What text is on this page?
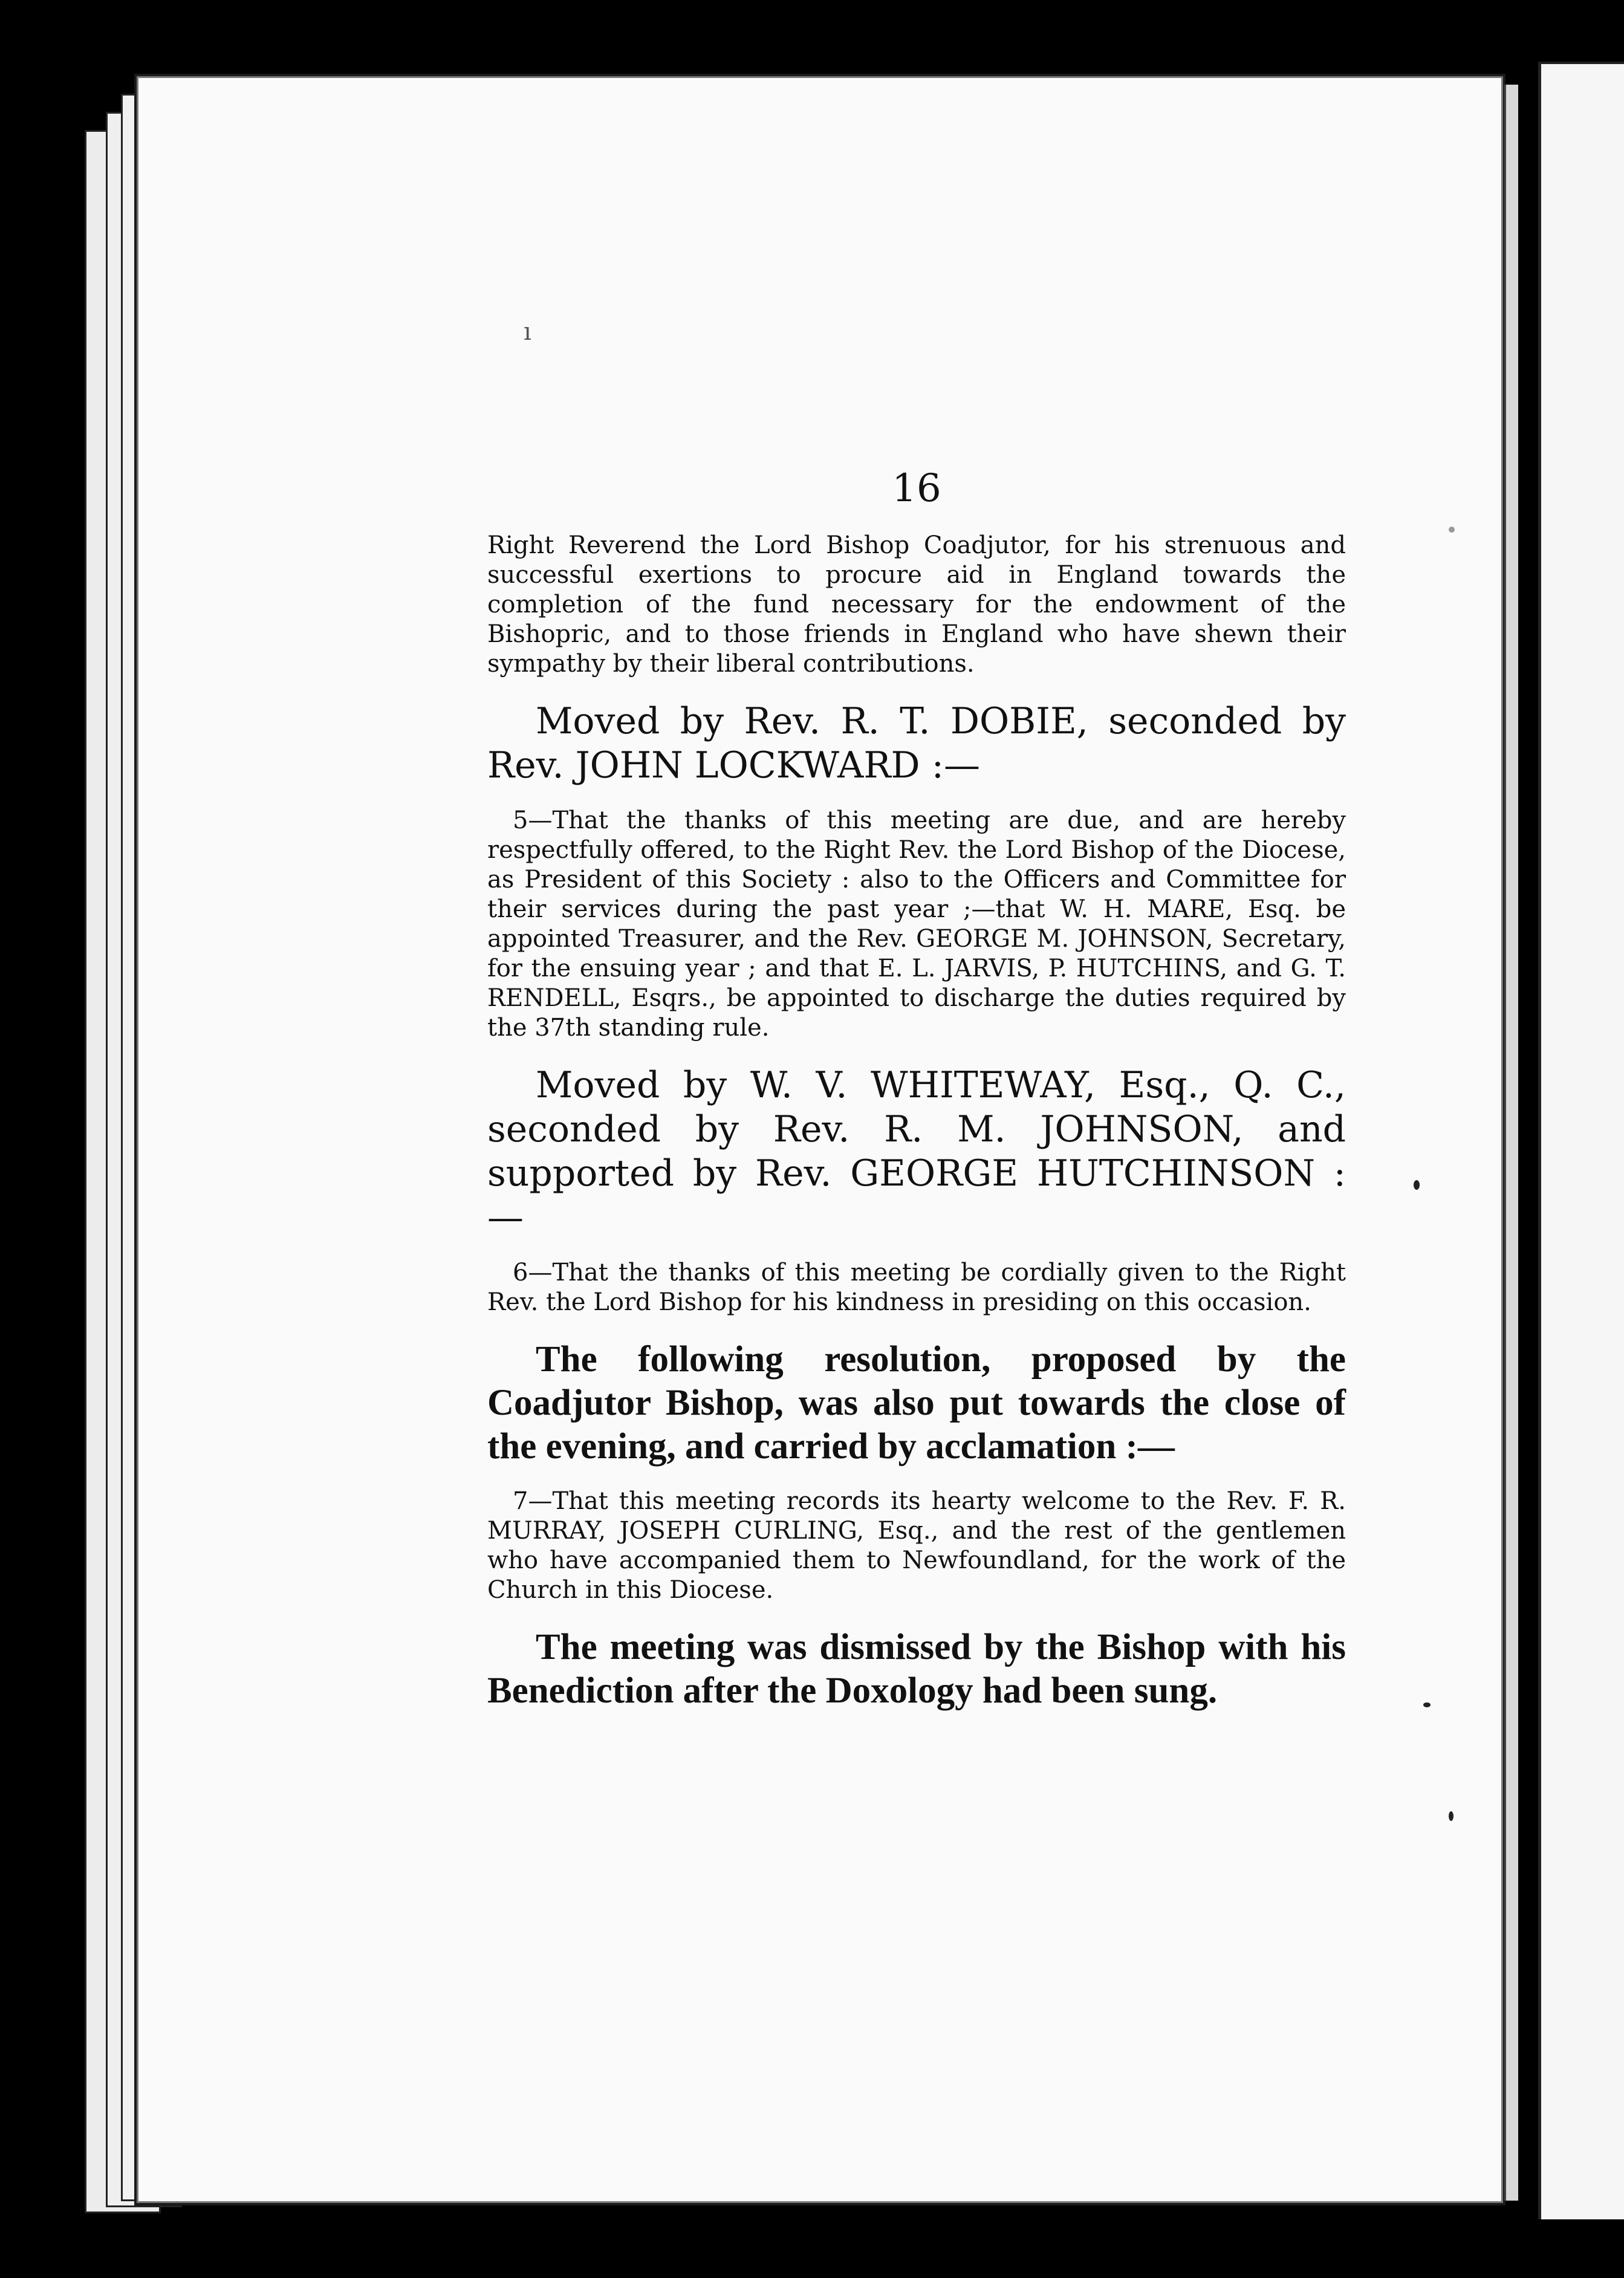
16

Right Reverend the Lord Bishop Coadjutor, for his strenuous and successful exertions to procure aid in England towards the completion of the fund necessary for the endowment of the Bishopric, and to those friends in England who have shewn their sympathy by their liberal contributions.

Moved by Rev. R. T. DOBIE, seconded by Rev. JOHN LOCKWARD :—

5—That the thanks of this meeting are due, and are hereby respectfully offered, to the Right Rev. the Lord Bishop of the Diocese, as President of this Society : also to the Officers and Committee for their services during the past year ;—that W. H. MARE, Esq. be appointed Treasurer, and the Rev. GEORGE M. JOHNSON, Secretary, for the ensuing year ; and that E. L. JARVIS, P. HUTCHINS, and G. T. RENDELL, Esqrs., be appointed to discharge the duties required by the 37th standing rule.

Moved by W. V. WHITEWAY, Esq., Q. C., seconded by Rev. R. M. JOHNSON, and supported by Rev. GEORGE HUTCHINSON :—

6—That the thanks of this meeting be cordially given to the Right Rev. the Lord Bishop for his kindness in presiding on this occasion.

The following resolution, proposed by the Coadjutor Bishop, was also put towards the close of the evening, and carried by acclamation :—

7—That this meeting records its hearty welcome to the Rev. F. R. MURRAY, JOSEPH CURLING, Esq., and the rest of the gentlemen who have accompanied them to Newfoundland, for the work of the Church in this Diocese.

The meeting was dismissed by the Bishop with his Benediction after the Doxology had been sung.

ı
